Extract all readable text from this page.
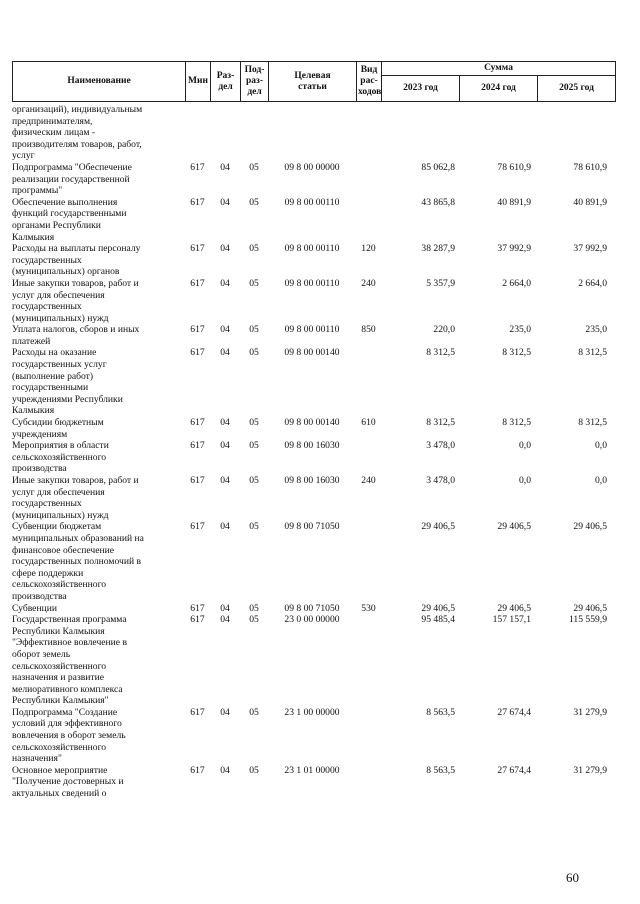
Наименование	Мин	Раз-
дел	Под-
раз-
дел	Целевая
статьи	Вид
рас-
ходов	Сумма		
						2023 год	2024 год	2025 год
организаций), индивидуальным
предпринимателям,
физическим лицам -
производителям товаров, работ,
услуг
Подпрограмма "Обеспечение
реализации государственной
программы"
617	04	05	09 8 00 00000	85 062,8	78 610,9	78 610,9
Обеспечение выполнения
функций государственными
органами Республики
Калмыкия
617	04	05	09 8 00 00110	43 865,8	40 891,9	40 891,9
Расходы на выплаты персоналу
государственных
(муниципальных) органов
617	04	05	09 8 00 00110	120	38 287,9	37 992,9	37 992,9
Иные закупки товаров, работ и
услуг для обеспечения
государственных
(муниципальных) нужд
617	04	05	09 8 00 00110	240	5 357,9	2 664,0	2 664,0
Уплата налогов, сборов и иных
платежей
617	04	05	09 8 00 00110	850	220,0	235,0	235,0
Расходы на оказание
государственных услуг
(выполнение работ)
государственными
учреждениями Республики
Калмыкия
617	04	05	09 8 00 00140	8 312,5	8 312,5	8 312,5
Субсидии бюджетным
учреждениям
617	04	05	09 8 00 00140	610	8 312,5	8 312,5	8 312,5
Мероприятия в области
сельскохозяйственного
производства
617	04	05	09 8 00 16030	3 478,0	0,0	0,0
Иные закупки товаров, работ и
услуг для обеспечения
государственных
(муниципальных) нужд
617	04	05	09 8 00 16030	240	3 478,0	0,0	0,0
Субвенции бюджетам
муниципальных образований на
финансовое обеспечение
государственных полномочий в
сфере поддержки
сельскохозяйственного
производства
617	04	05	09 8 00 71050	29 406,5	29 406,5	29 406,5
Субвенции	617	04	05	09 8 00 71050	530	29 406,5	29 406,5	29 406,5
Государственная программа
Республики Калмыкия
"Эффективное вовлечение в
оборот земель
сельскохозяйственного
назначения и развитие
мелиоративного комплекса
Республики Калмыкия"
617	04	05	23 0 00 00000	95 485,4	157 157,1	115 559,9
Подпрограмма "Создание
условий для эффективного
вовлечения в оборот земель
сельскохозяйственного
назначения"
617	04	05	23 1 00 00000	8 563,5	27 674,4	31 279,9
Основное мероприятие
"Получение достоверных и
актуальных сведений о
617	04	05	23 1 01 00000	8 563,5	27 674,4	31 279,9
60
